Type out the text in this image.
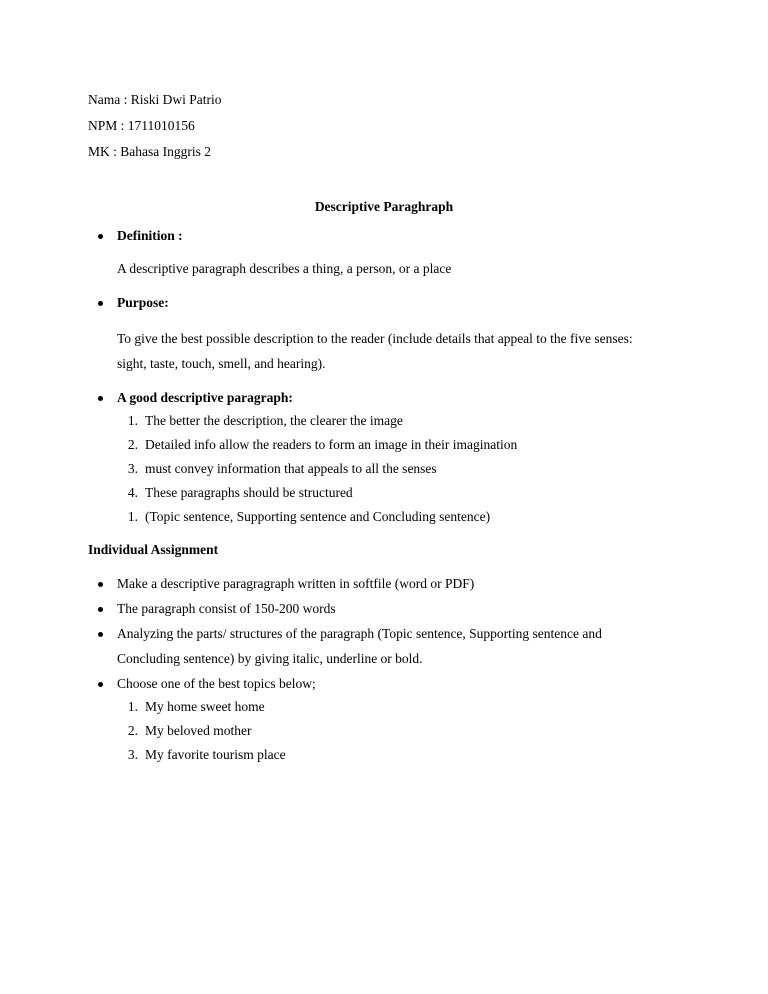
Nama : Riski Dwi Patrio
NPM : 1711010156
MK : Bahasa Inggris 2
Descriptive Paraghraph
Definition :
A descriptive paragraph describes a thing, a person, or a place
Purpose:
To give the best possible description to the reader (include details that appeal to the five senses:
sight, taste, touch, smell, and hearing).
A good descriptive paragraph:
1. The better the description, the clearer the image
2. Detailed info allow the readers to form an image in their imagination
3. must convey information that appeals to all the senses
4. These paragraphs should be structured
1. (Topic sentence, Supporting sentence and Concluding sentence)
Individual Assignment
Make a descriptive paragragraph written in softfile (word or PDF)
The paragraph consist of 150-200 words
Analyzing the parts/ structures of the paragraph (Topic sentence, Supporting sentence and
Concluding sentence) by giving italic, underline or bold.
Choose one of the best topics below;
1. My home sweet home
2. My beloved mother
3. My favorite tourism place
